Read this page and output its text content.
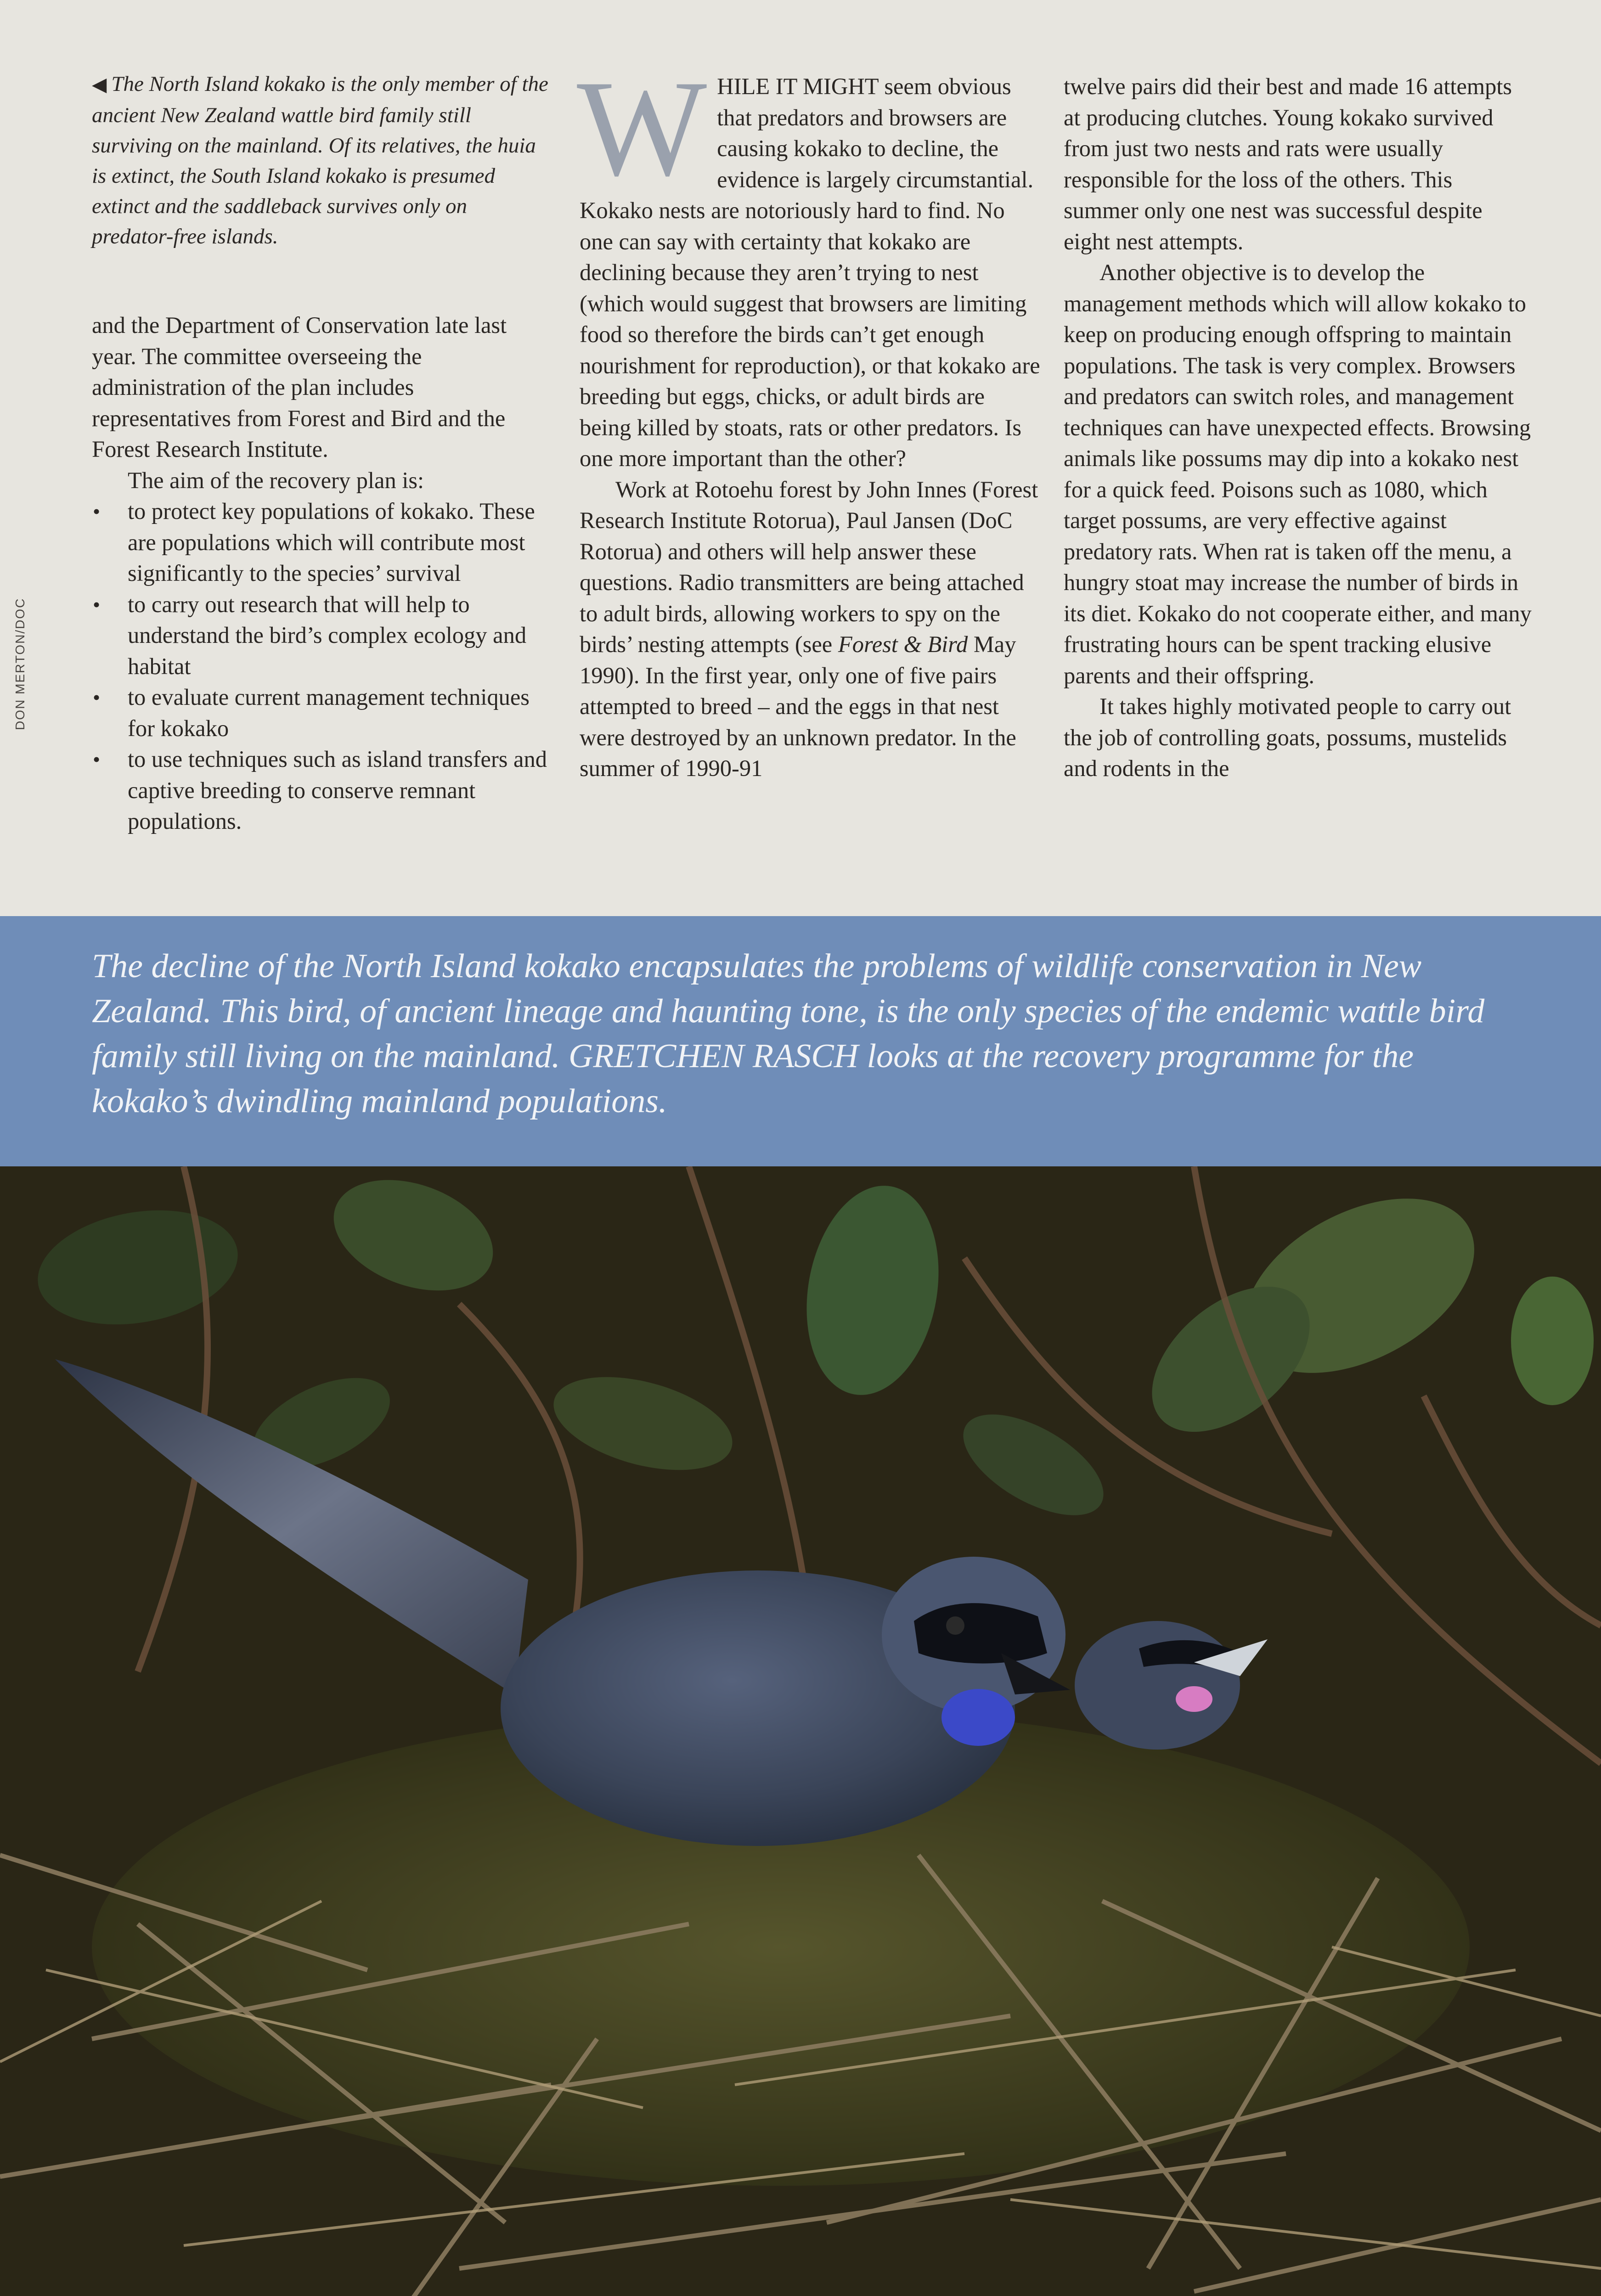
◀ The North Island kokako is the only member of the ancient New Zealand wattle bird family still surviving on the mainland. Of its relatives, the huia is extinct, the South Island kokako is presumed extinct and the saddleback survives only on predator-free islands.
DON MERTON/DOC

and the Department of Conservation late last year. The committee overseeing the administration of the plan includes representatives from Forest and Bird and the Forest Research Institute.

The aim of the recovery plan is:

• to protect key populations of kokako. These are populations which will contribute most significantly to the species’ survival
• to carry out research that will help to understand the bird’s complex ecology and habitat
• to evaluate current management techniques for kokako
• to use techniques such as island transfers and captive breeding to conserve remnant populations.

WHILE IT MIGHT seem obvious that predators and browsers are causing kokako to decline, the evidence is largely circumstantial. Kokako nests are notoriously hard to find. No one can say with certainty that kokako are declining because they aren’t trying to nest (which would suggest that browsers are limiting food so therefore the birds can’t get enough nourishment for reproduction), or that kokako are breeding but eggs, chicks, or adult birds are being killed by stoats, rats or other predators. Is one more important than the other?

Work at Rotoehu forest by John Innes (Forest Research Institute Rotorua), Paul Jansen (DoC Rotorua) and others will help answer these questions. Radio transmitters are being attached to adult birds, allowing workers to spy on the birds’ nesting attempts (see Forest & Bird May 1990). In the first year, only one of five pairs attempted to breed – and the eggs in that nest were destroyed by an unknown predator. In the summer of 1990-91

twelve pairs did their best and made 16 attempts at producing clutches. Young kokako survived from just two nests and rats were usually responsible for the loss of the others. This summer only one nest was successful despite eight nest attempts.

Another objective is to develop the management methods which will allow kokako to keep on producing enough offspring to maintain populations. The task is very complex. Browsers and predators can switch roles, and management techniques can have unexpected effects. Browsing animals like possums may dip into a kokako nest for a quick feed. Poisons such as 1080, which target possums, are very effective against predatory rats. When rat is taken off the menu, a hungry stoat may increase the number of birds in its diet. Kokako do not cooperate either, and many frustrating hours can be spent tracking elusive parents and their offspring.

It takes highly motivated people to carry out the job of controlling goats, possums, mustelids and rodents in the

The decline of the North Island kokako encapsulates the problems of wildlife conservation in New Zealand. This bird, of ancient lineage and haunting tone, is the only species of the endemic wattle bird family still living on the mainland. GRETCHEN RASCH looks at the recovery programme for the kokako’s dwindling mainland populations.
